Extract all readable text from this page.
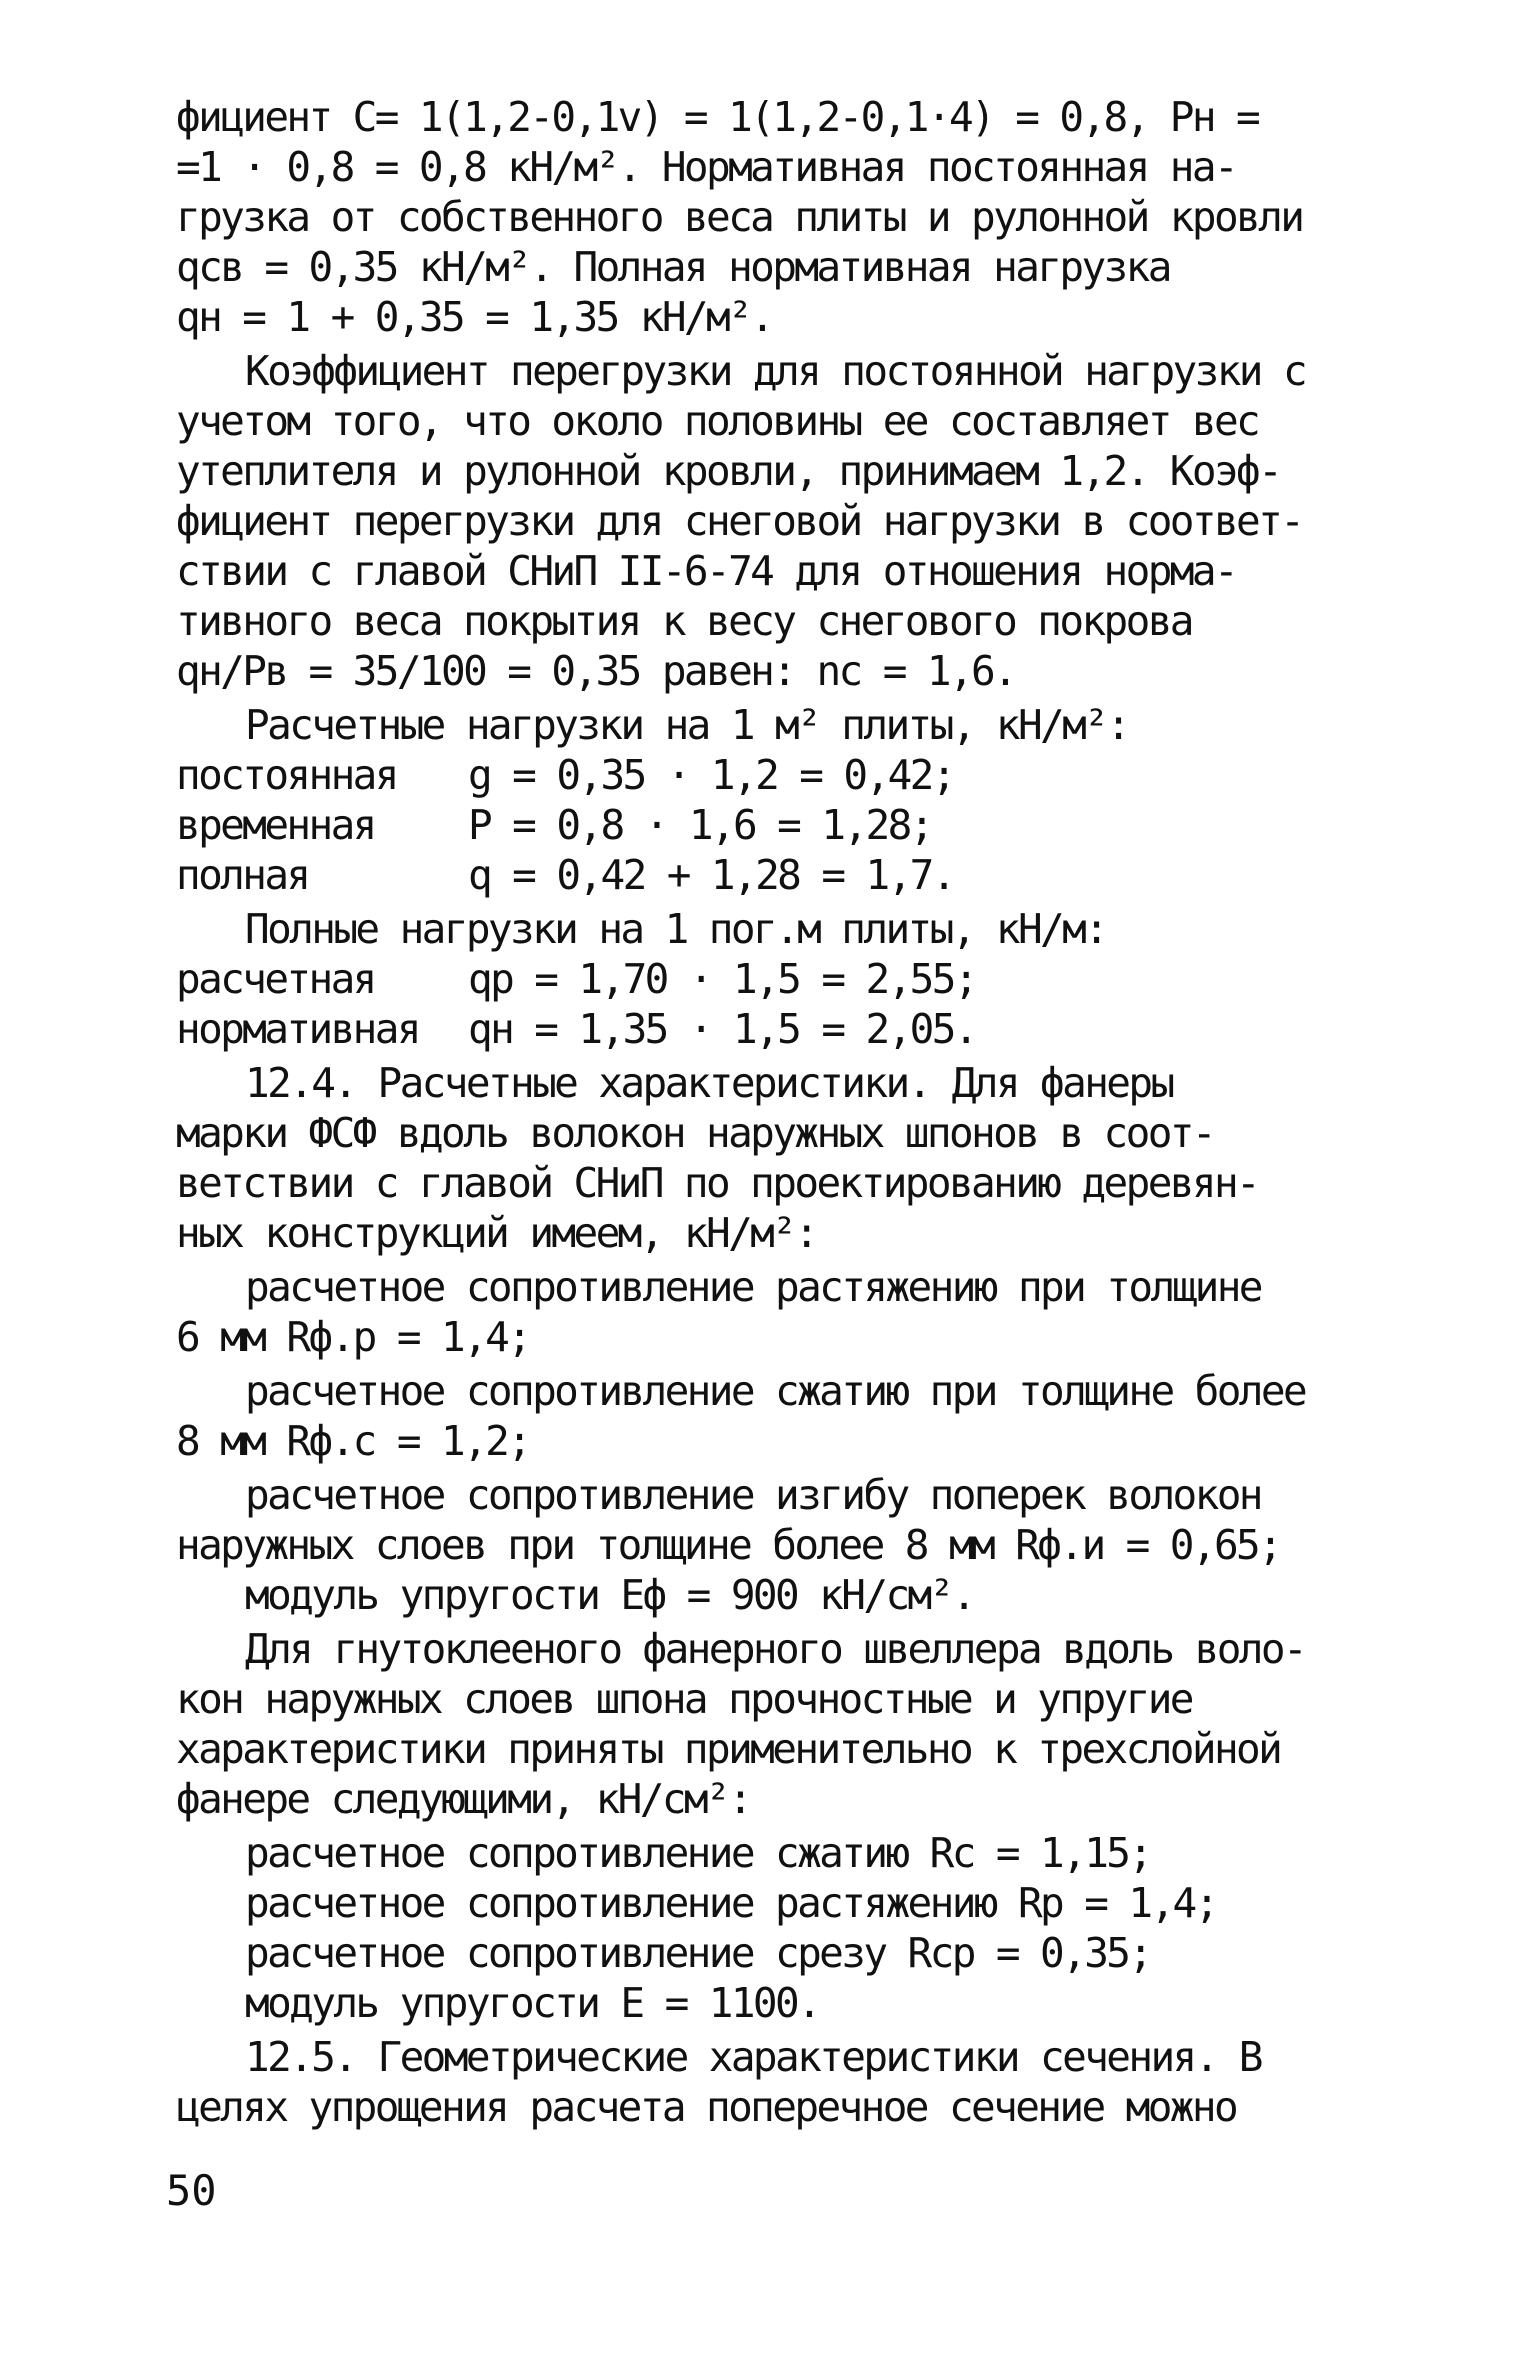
фициент C= 1(1,2-0,1v) = 1(1,2-0,1·4) = 0,8, Pн =
=1 · 0,8 = 0,8 кН/м². Нормативная постоянная на-
грузка от собственного веса плиты и рулонной кровли
qсв = 0,35 кН/м². Полная нормативная нагрузка
qн = 1 + 0,35 = 1,35 кН/м².
Коэффициент перегрузки для постоянной нагрузки с
учетом того, что около половины ее составляет вес
утеплителя и рулонной кровли, принимаем 1,2. Коэф-
фициент перегрузки для снеговой нагрузки в соответ-
ствии с главой СНиП II-6-74 для отношения норма-
тивного веса покрытия к весу снегового покрова
qн/Pв = 35/100 = 0,35 равен: nс = 1,6.
Расчетные нагрузки на 1 м² плиты, кН/м²:
постоянная g = 0,35 · 1,2 = 0,42;
временная P = 0,8 · 1,6 = 1,28;
полная	q = 0,42 + 1,28 = 1,7.
Полные нагрузки на 1 пог.м плиты, кН/м:
расчетная qр = 1,70 · 1,5 = 2,55;
нормативная qн = 1,35 · 1,5 = 2,05.
12.4. Расчетные характеристики. Для фанеры
марки ФСФ вдоль волокон наружных шпонов в соот-
ветствии с главой СНиП по проектированию деревян-
ных конструкций имеем, кН/м²:
расчетное сопротивление растяжению при толщине
6 мм Rф.р = 1,4;
расчетное сопротивление сжатию при толщине более
8 мм Rф.с = 1,2;
расчетное сопротивление изгибу поперек волокон
наружных слоев при толщине более 8 мм Rф.и = 0,65;
модуль упругости Eф = 900 кН/см².
Для гнутоклееного фанерного швеллера вдоль воло-
кон наружных слоев шпона прочностные и упругие
характеристики приняты применительно к трехслойной
фанере следующими, кН/см²:
расчетное сопротивление сжатию Rс = 1,15;
расчетное сопротивление растяжению Rр = 1,4;
расчетное сопротивление срезу Rср = 0,35;
модуль упругости E = 1100.
12.5. Геометрические характеристики сечения. В
целях упрощения расчета поперечное сечение можно
50
